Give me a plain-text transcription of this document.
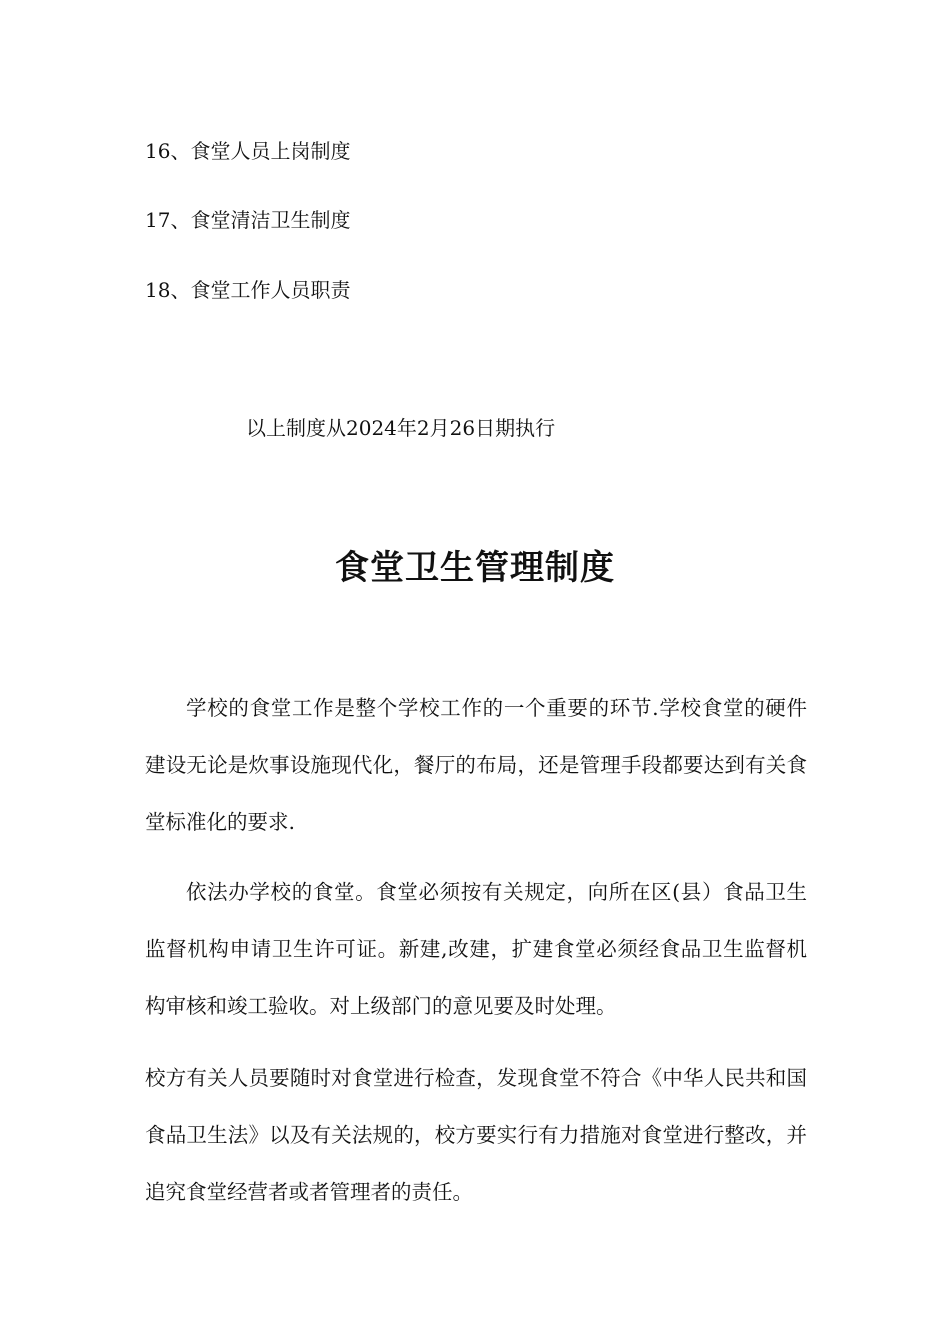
16、食堂人员上岗制度
17、食堂清洁卫生制度
18、食堂工作人员职责
以上制度从2024年2月26日期执行
食堂卫生管理制度

学校的食堂工作是整个学校工作的一个重要的环节.学校食堂的硬件建设无论是炊事设施现代化，餐厅的布局，还是管理手段都要达到有关食堂标准化的要求.

依法办学校的食堂。食堂必须按有关规定，向所在区(县）食品卫生监督机构申请卫生许可证。新建,改建，扩建食堂必须经食品卫生监督机构审核和竣工验收。对上级部门的意见要及时处理。

校方有关人员要随时对食堂进行检查，发现食堂不符合《中华人民共和国食品卫生法》以及有关法规的，校方要实行有力措施对食堂进行整改，并追究食堂经营者或者管理者的责任。
